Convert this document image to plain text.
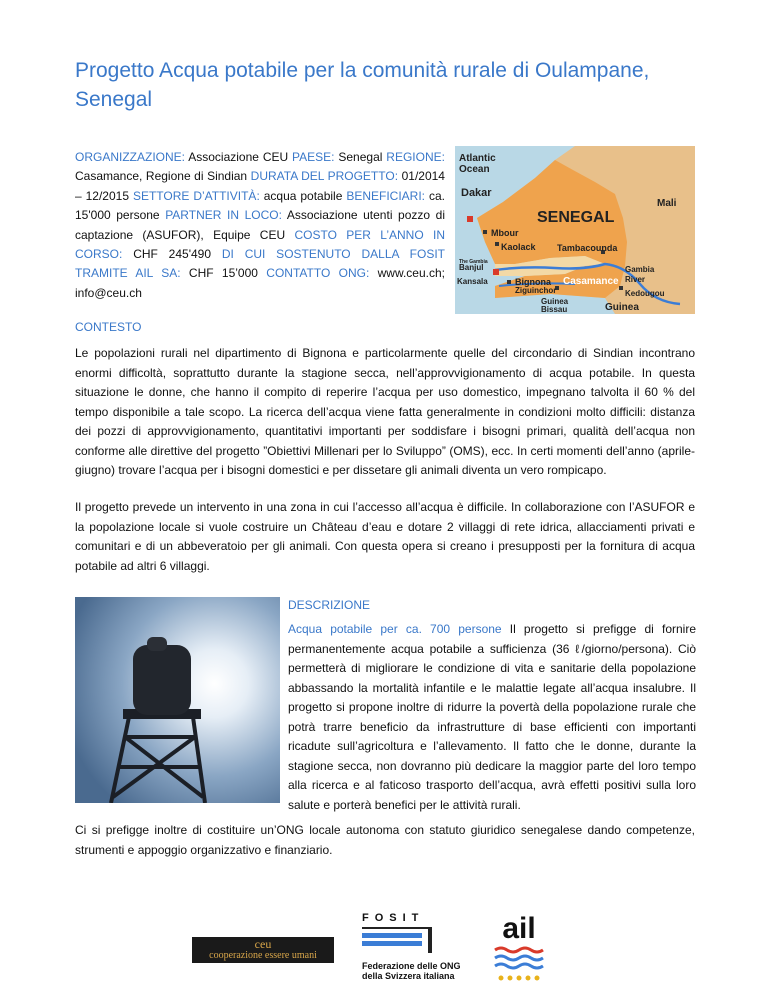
Progetto Acqua potabile per la comunità rurale di Oulampane, Senegal
ORGANIZZAZIONE: Associazione CEU PAESE: Senegal REGIONE: Casamance, Regione di Sindian DURATA DEL PROGETTO: 01/2014 – 12/2015 SETTORE D’ATTIVITÀ: acqua potabile BENEFICIARI: ca. 15'000 persone PARTNER IN LOCO: Associazione utenti pozzo di captazione (ASUFOR), Equipe CEU COSTO PER L’ANNO IN CORSO: CHF 245'490 DI CUI SOSTENUTO DALLA FOSIT TRAMITE AIL SA: CHF 15’000 CONTATTO ONG: www.ceu.ch; info@ceu.ch
Atlantic
Ocean
Dakar
Mali
SENEGAL
Mbour
Kaolack Tambacounda
The Gambia
Banjul
Kansala	Bignona
Ziguinchor
Casamance
Gambia
River
Kedougou
Guinea
Bissau	Guinea
CONTESTO

Le popolazioni rurali nel dipartimento di Bignona e particolarmente quelle del circondario di Sindian incontrano enormi difficoltà, soprattutto durante la stagione secca, nell’approvvigionamento di acqua potabile. In questa situazione le donne, che hanno il compito di reperire l’acqua per uso domestico, impegnano talvolta il 60 % del tempo disponibile a tale scopo. La ricerca dell’acqua viene fatta generalmente in condizioni molto difficili: distanza dei pozzi di approvvigionamento, quantitativi importanti per soddisfare i bisogni primari, qualità dell’acqua non conforme alle direttive del progetto ”Obiettivi Millenari per lo Sviluppo” (OMS), ecc. In certi momenti dell’anno (aprile-giugno) trovare l’acqua per i bisogni domestici e per dissetare gli animali diventa un vero rompicapo.

Il progetto prevede un intervento in una zona in cui l’accesso all’acqua è difficile. In collaborazione con l’ASUFOR e la popolazione locale si vuole costruire un Château d’eau e dotare 2 villaggi di rete idrica, allacciamenti privati e comunitari e di un abbeveratoio per gli animali. Con questa opera si creano i presupposti per la fornitura di acqua potabile ad altri 6 villaggi.

DESCRIZIONE

Acqua potabile per ca. 700 persone Il progetto si prefigge di fornire permanentemente acqua potabile a sufficienza (36 ℓ/giorno/persona). Ciò permetterà di migliorare le condizione di vita e sanitarie della popolazione abbassando la mortalità infantile e le malattie legate all’acqua insalubre. Il progetto si propone inoltre di ridurre la povertà della popolazione rurale che potrà trarre beneficio da infrastrutture di base efficienti con importanti ricadute sull’agricoltura e l’allevamento. Il fatto che le donne, durante la stagione secca, non dovranno più dedicare la maggior parte del loro tempo alla ricerca e al faticoso trasporto dell’acqua, avrà effetti positivi sulla loro salute e porterà benefici per le attività rurali.

Ci si prefigge inoltre di costituire un’ONG locale autonoma con statuto giuridico senegalese dando competenze, strumenti e appoggio organizzativo e finanziario.

ceu
cooperazione essere umani
FOSIT
Federazione delle ONG
della Svizzera italiana
ail
